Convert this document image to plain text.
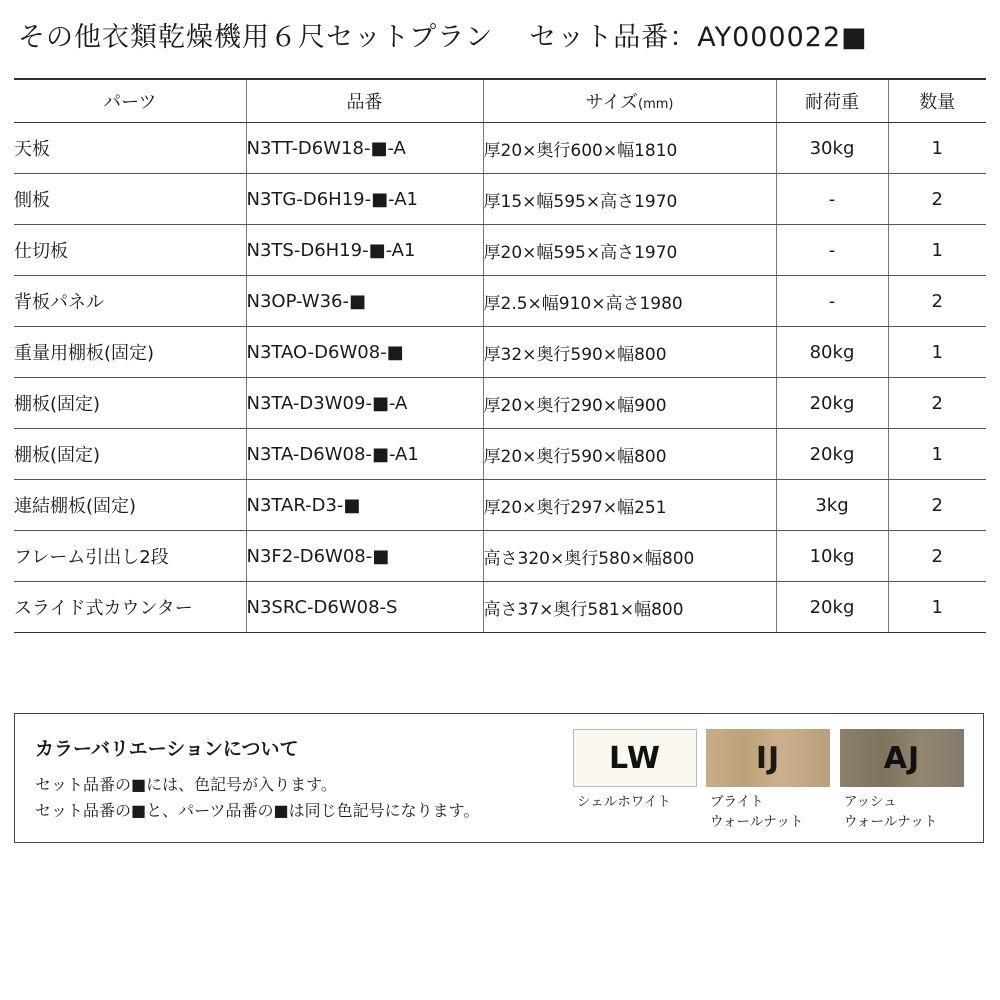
その他衣類乾燥機用６尺セットプラン セット品番：AY000022■
パーツ	品番	サイズ(mm)	耐荷重	数量
天板	N3TT-D6W18-■-A	厚20×奥行600×幅1810	30kg	1
側板	N3TG-D6H19-■-A1	厚15×幅595×高さ1970	-	2
仕切板	N3TS-D6H19-■-A1	厚20×幅595×高さ1970	-	1
背板パネル	N3OP-W36-■	厚2.5×幅910×高さ1980	-	2
重量用棚板(固定)	N3TAO-D6W08-■	厚32×奥行590×幅800	80kg	1
棚板(固定)	N3TA-D3W09-■-A	厚20×奥行290×幅900	20kg	2
棚板(固定)	N3TA-D6W08-■-A1	厚20×奥行590×幅800	20kg	1
連結棚板(固定)	N3TAR-D3-■	厚20×奥行297×幅251	3kg	2
フレーム引出し2段	N3F2-D6W08-■	高さ320×奥行580×幅800	10kg	2
スライド式カウンター	N3SRC-D6W08-S	高さ37×奥行581×幅800	20kg	1
カラーバリエーションについて
セット品番の■には、色記号が入ります。
セット品番の■と、パーツ品番の■は同じ色記号になります。
LW
シェルホワイト
IJ
ブライト
ウォールナット
AJ
アッシュ
ウォールナット
